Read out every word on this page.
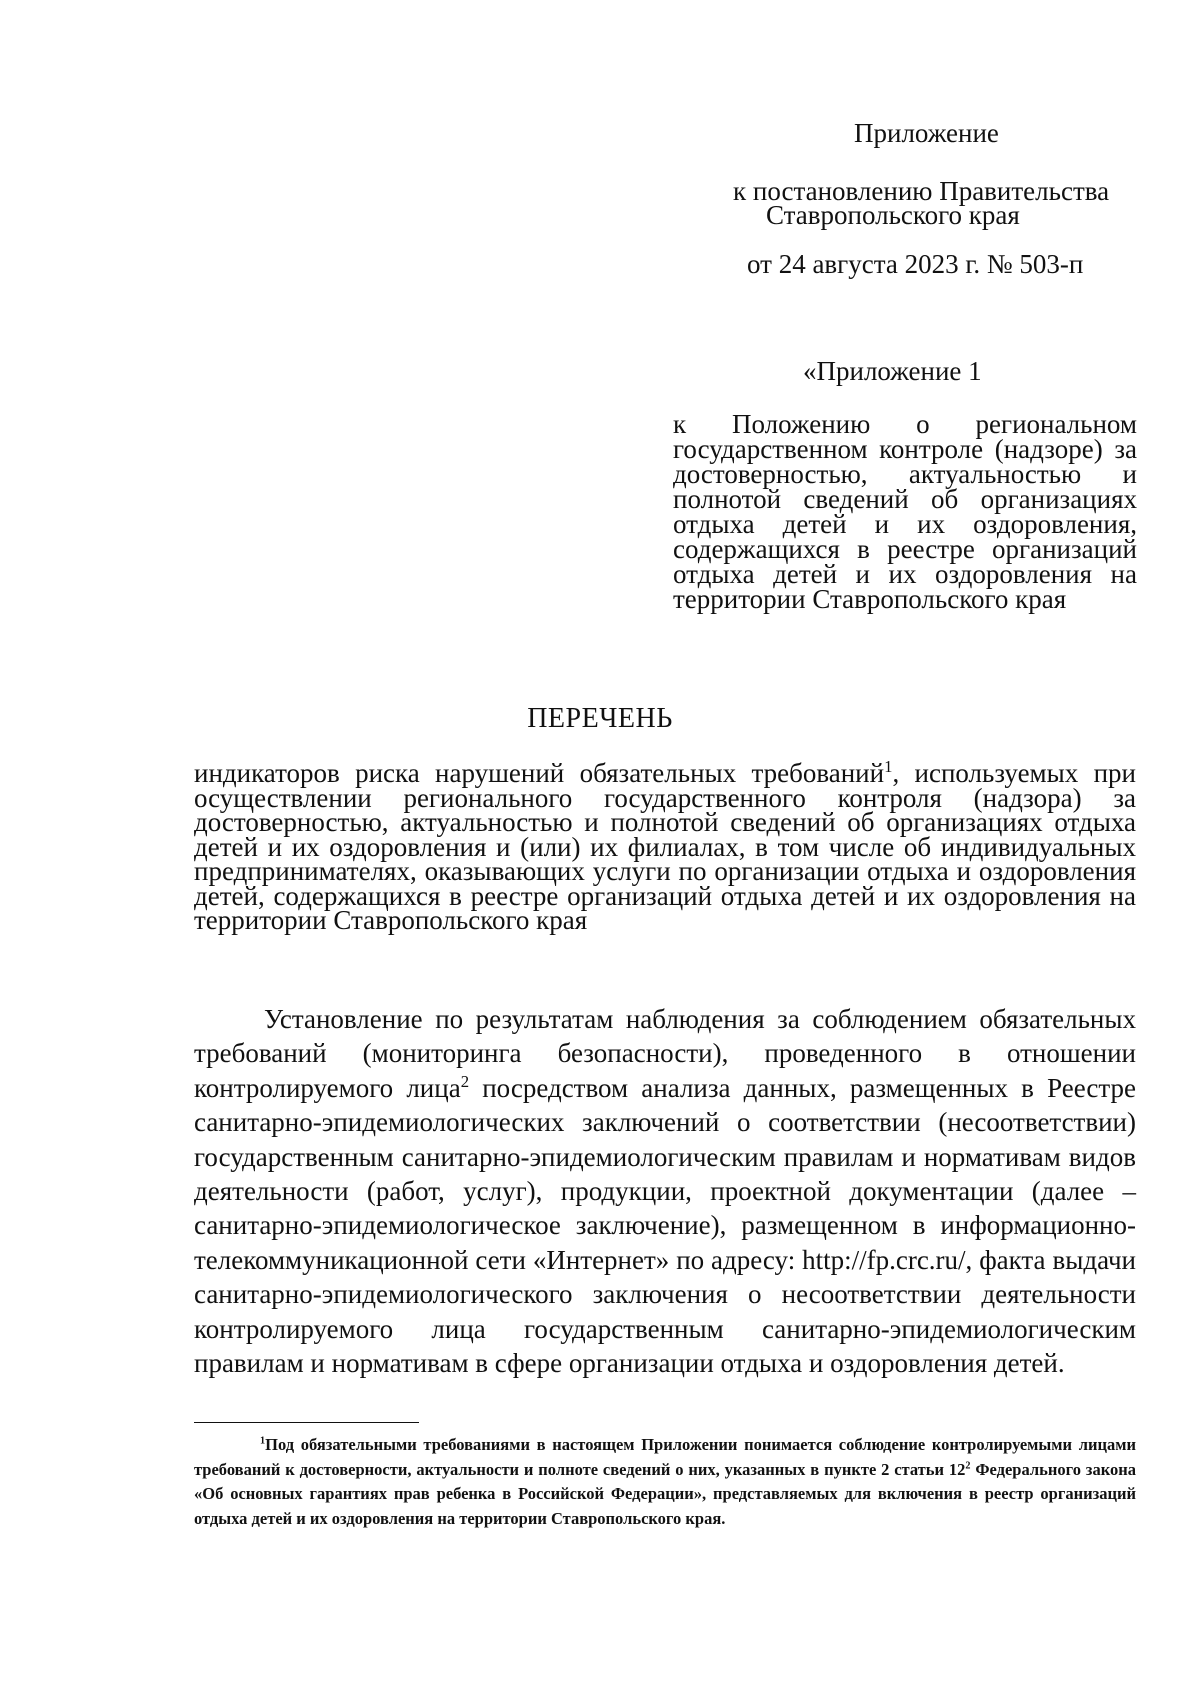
Приложение
к постановлению Правительства
Ставропольского края
от 24 августа 2023 г. № 503-п
«Приложение 1
к Положению о региональном государственном контроле (надзоре) за достоверностью, актуальностью и полнотой сведений об организациях отдыха детей и их оздоровления, содержащихся в реестре организаций отдыха детей и их оздоровления на территории Ставропольского края
ПЕРЕЧЕНЬ
индикаторов риска нарушений обязательных требований$^1$, используемых при осуществлении регионального государственного контроля (надзора) за достоверностью, актуальностью и полнотой сведений об организациях отдыха детей и их оздоровления и (или) их филиалах, в том числе об индивидуальных предпринимателях, оказывающих услуги по организации отдыха и оздоровления детей, содержащихся в реестре организаций отдыха детей и их оздоровления на территории Ставропольского края
Установление по результатам наблюдения за соблюдением обязательных требований (мониторинга безопасности), проведенного в отношении контролируемого лица$^2$ посредством анализа данных, размещенных в Реестре санитарно-эпидемиологических заключений о соответствии (несоответствии) государственным санитарно-эпидемиологическим правилам и нормативам видов деятельности (работ, услуг), продукции, проектной документации (далее – санитарно-эпидемиологическое заключение), размещенном в информационно-телекоммуникационной сети «Интернет» по адресу: http://fp.crc.ru/, факта выдачи санитарно-эпидемиологического заключения о несоответствии деятельности контролируемого лица государственным санитарно-эпидемиологическим правилам и нормативам в сфере организации отдыха и оздоровления детей.
$^1$Под обязательными требованиями в настоящем Приложении понимается соблюдение контролируемыми лицами требований к достоверности, актуальности и полноте сведений о них, указанных в пункте 2 статьи $12^2$ Федерального закона «Об основных гарантиях прав ребенка в Российской Федерации», представляемых для включения в реестр организаций отдыха детей и их оздоровления на территории Ставропольского края.
